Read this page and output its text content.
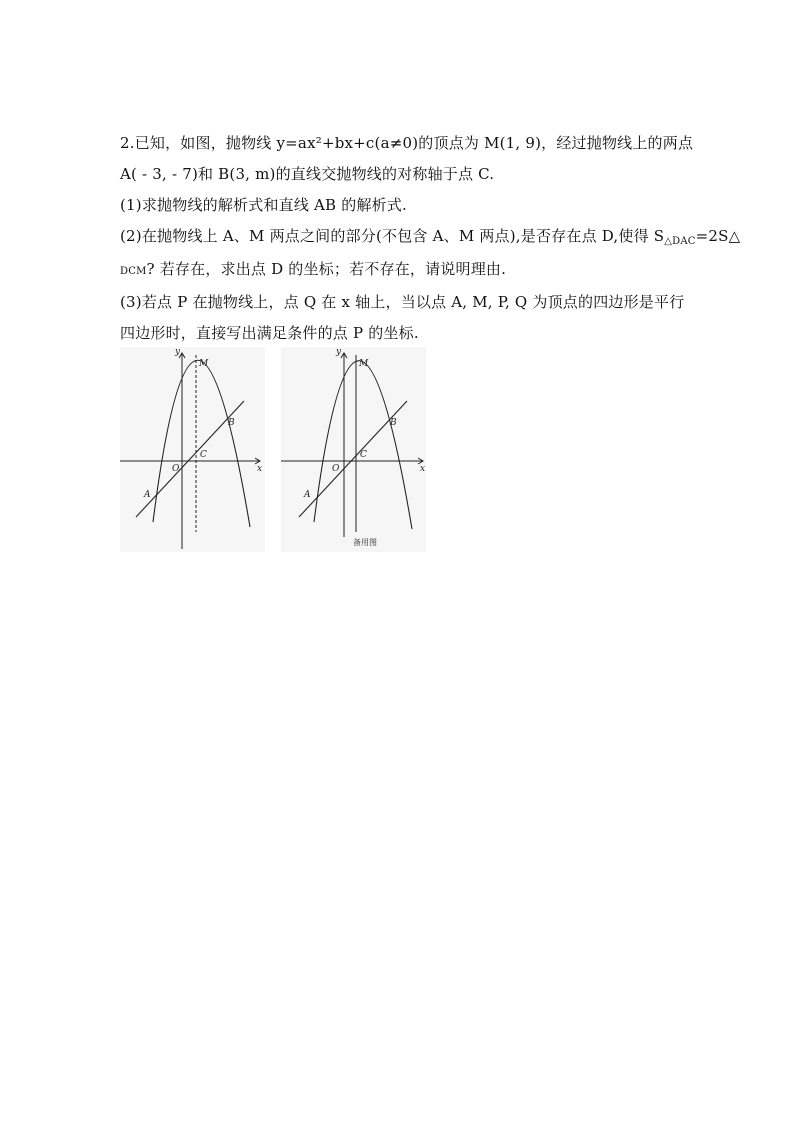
2.已知，如图，抛物线 y=ax²+bx+c(a≠0)的顶点为 M(1, 9)，经过抛物线上的两点
A( - 3, - 7)和 B(3, m)的直线交抛物线的对称轴于点 C.
(1)求抛物线的解析式和直线 AB 的解析式.
(2)在抛物线上 A、M 两点之间的部分(不包含 A、M 两点),是否存在点 D,使得 $S_{\triangle DAC}=2S\triangle$
DCM? 若存在，求出点 D 的坐标；若不存在，请说明理由.
(3)若点 P 在抛物线上，点 Q 在 x 轴上，当以点 A, M, P, Q 为顶点的四边形是平行
四边形时，直接写出满足条件的点 P 的坐标.
y
x
O
M
A
B
C
y
x
O
M
A
B
C
备用图
